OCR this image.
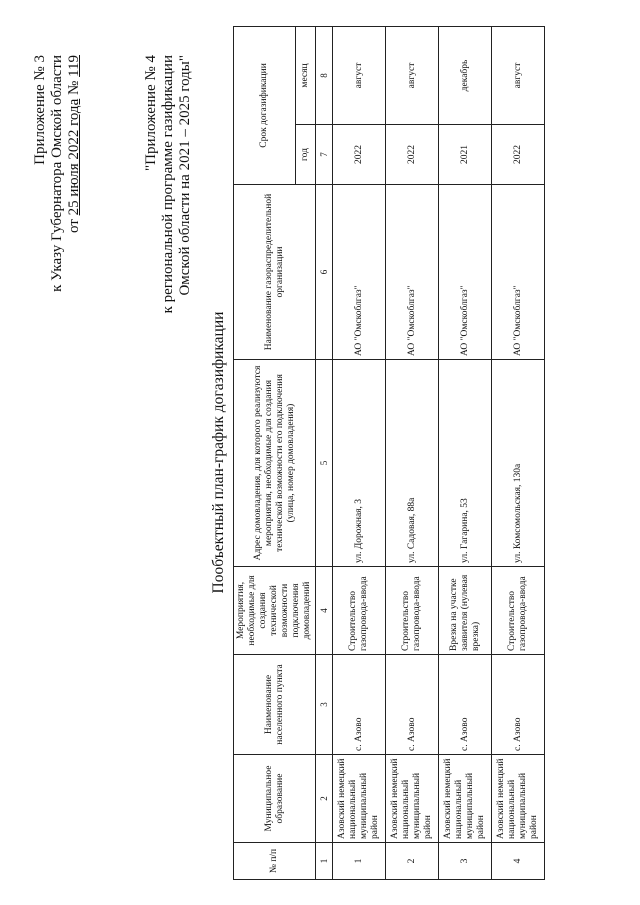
Приложение № 3 к Указу Губернатора Омской области от 25 июля 2022 года № 119	"Приложение № 4 к региональной программе газификации Омской области на 2021 – 2025 годы"
Пообъектный план-график догазификации
№ п/п	Муниципальное образование	Наименование населенного пункта	Мероприятия, необходимые для создания технической возможности подключения домовладений	Адрес домовладения, для которого реализуются мероприятия, необходимые для создания технической возможности его подключения (улица, номер домовладения)	Наименование газораспределительной организации	Срок догазификации	
						год	месяц
1	2	3	4	5	6	7	8
1	Азовский немецкий национальный муниципальный район	с. Азово	Строительство газопровода-ввода	ул. Дорожная, 3	АО "Омскоблгаз"	2022	август
2	Азовский немецкий национальный муниципальный район	с. Азово	Строительство газопровода-ввода	ул. Садовая, 88а	АО "Омскоблгаз"	2022	август
3	Азовский немецкий национальный муниципальный район	с. Азово	Врезка на участке заявителя (нулевая врезка)	ул. Гагарина, 53	АО "Омскоблгаз"	2021	декабрь
4	Азовский немецкий национальный муниципальный район	с. Азово	Строительство газопровода-ввода	ул. Комсомольская, 130а	АО "Омскоблгаз"	2022	август
